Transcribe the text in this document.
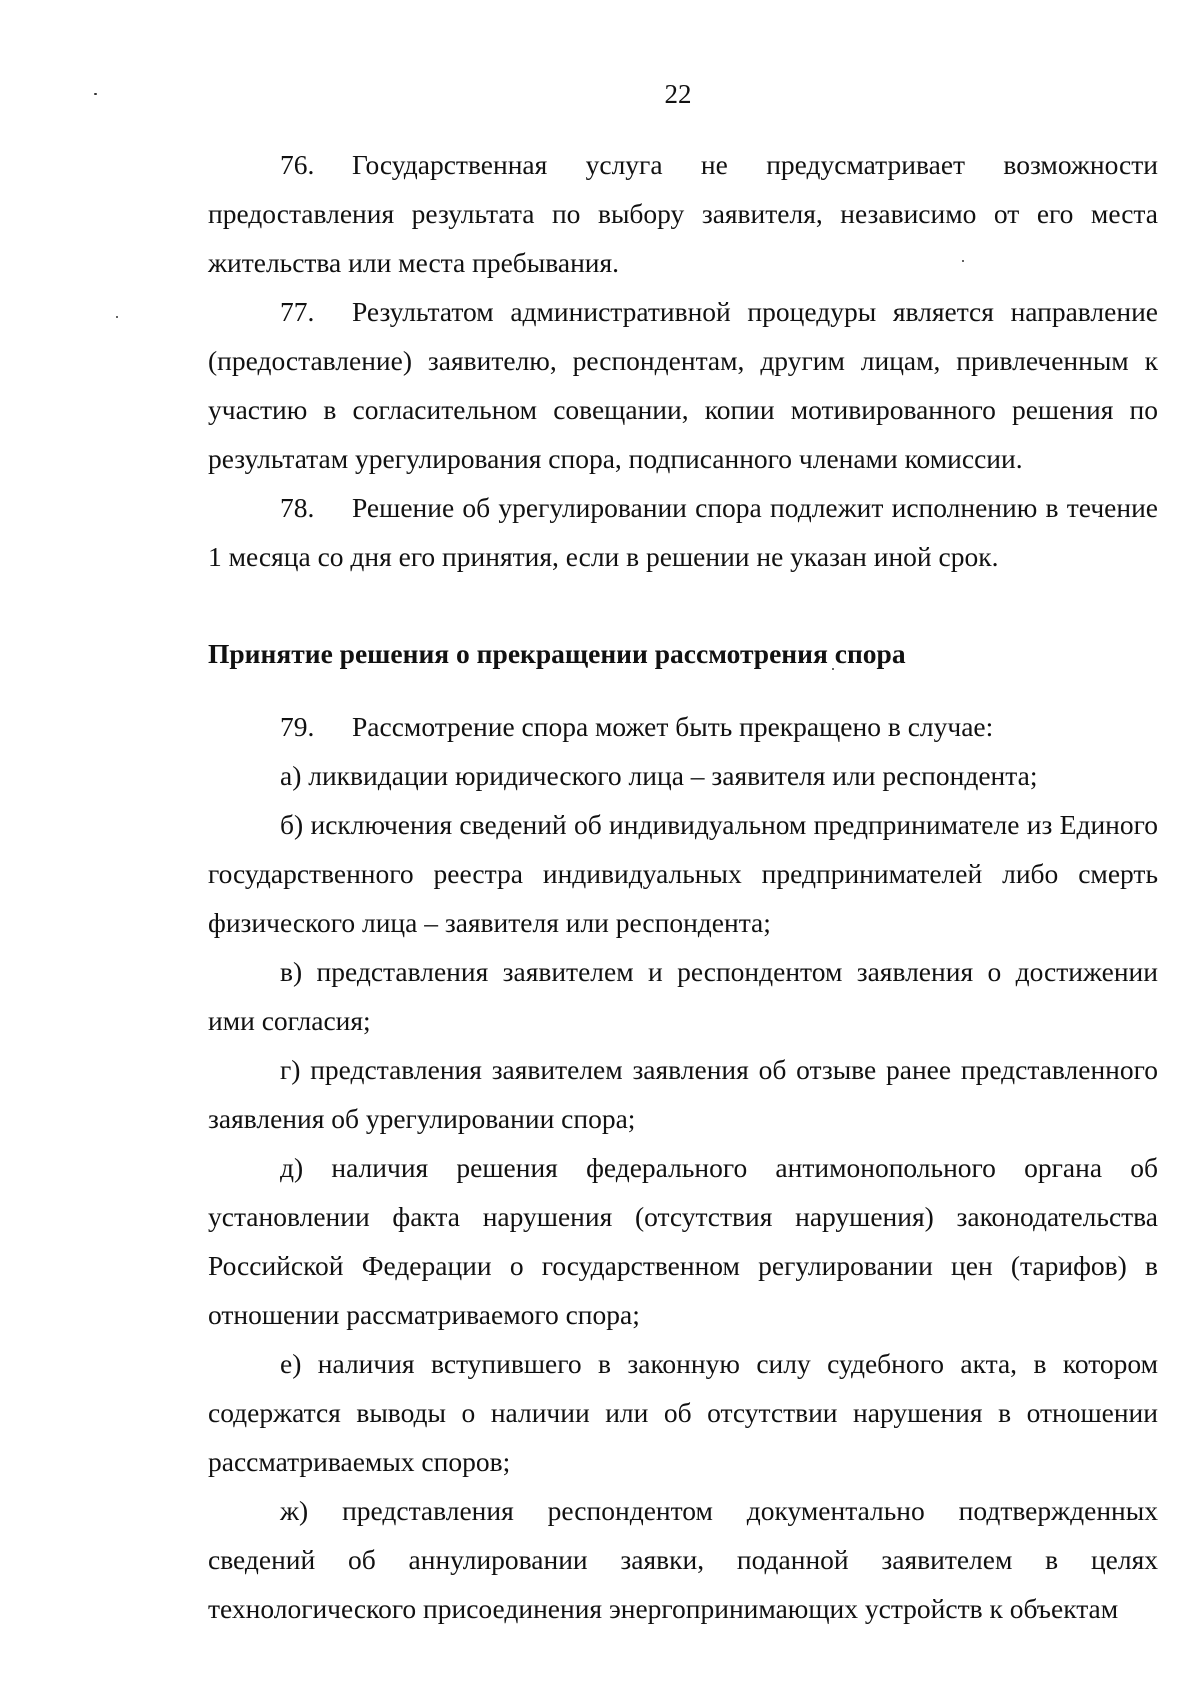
22

76. Государственная услуга не предусматривает возможности предоставления результата по выбору заявителя, независимо от его места жительства или места пребывания.

77. Результатом административной процедуры является направление (предоставление) заявителю, респондентам, другим лицам, привлеченным к участию в согласительном совещании, копии мотивированного решения по результатам урегулирования спора, подписанного членами комиссии.

78. Решение об урегулировании спора подлежит исполнению в течение 1 месяца со дня его принятия, если в решении не указан иной срок.

Принятие решения о прекращении рассмотрения спора

79. Рассмотрение спора может быть прекращено в случае:

а) ликвидации юридического лица – заявителя или респондента;

б) исключения сведений об индивидуальном предпринимателе из Единого государственного реестра индивидуальных предпринимателей либо смерть физического лица – заявителя или респондента;

в) представления заявителем и респондентом заявления о достижении ими согласия;

г) представления заявителем заявления об отзыве ранее представленного заявления об урегулировании спора;

д) наличия решения федерального антимонопольного органа об установлении факта нарушения (отсутствия нарушения) законодательства Российской Федерации о государственном регулировании цен (тарифов) в отношении рассматриваемого спора;

е) наличия вступившего в законную силу судебного акта, в котором содержатся выводы о наличии или об отсутствии нарушения в отношении рассматриваемых споров;

ж) представления респондентом документально подтвержденных сведений об аннулировании заявки, поданной заявителем в целях технологического присоединения энергопринимающих устройств к объектам
